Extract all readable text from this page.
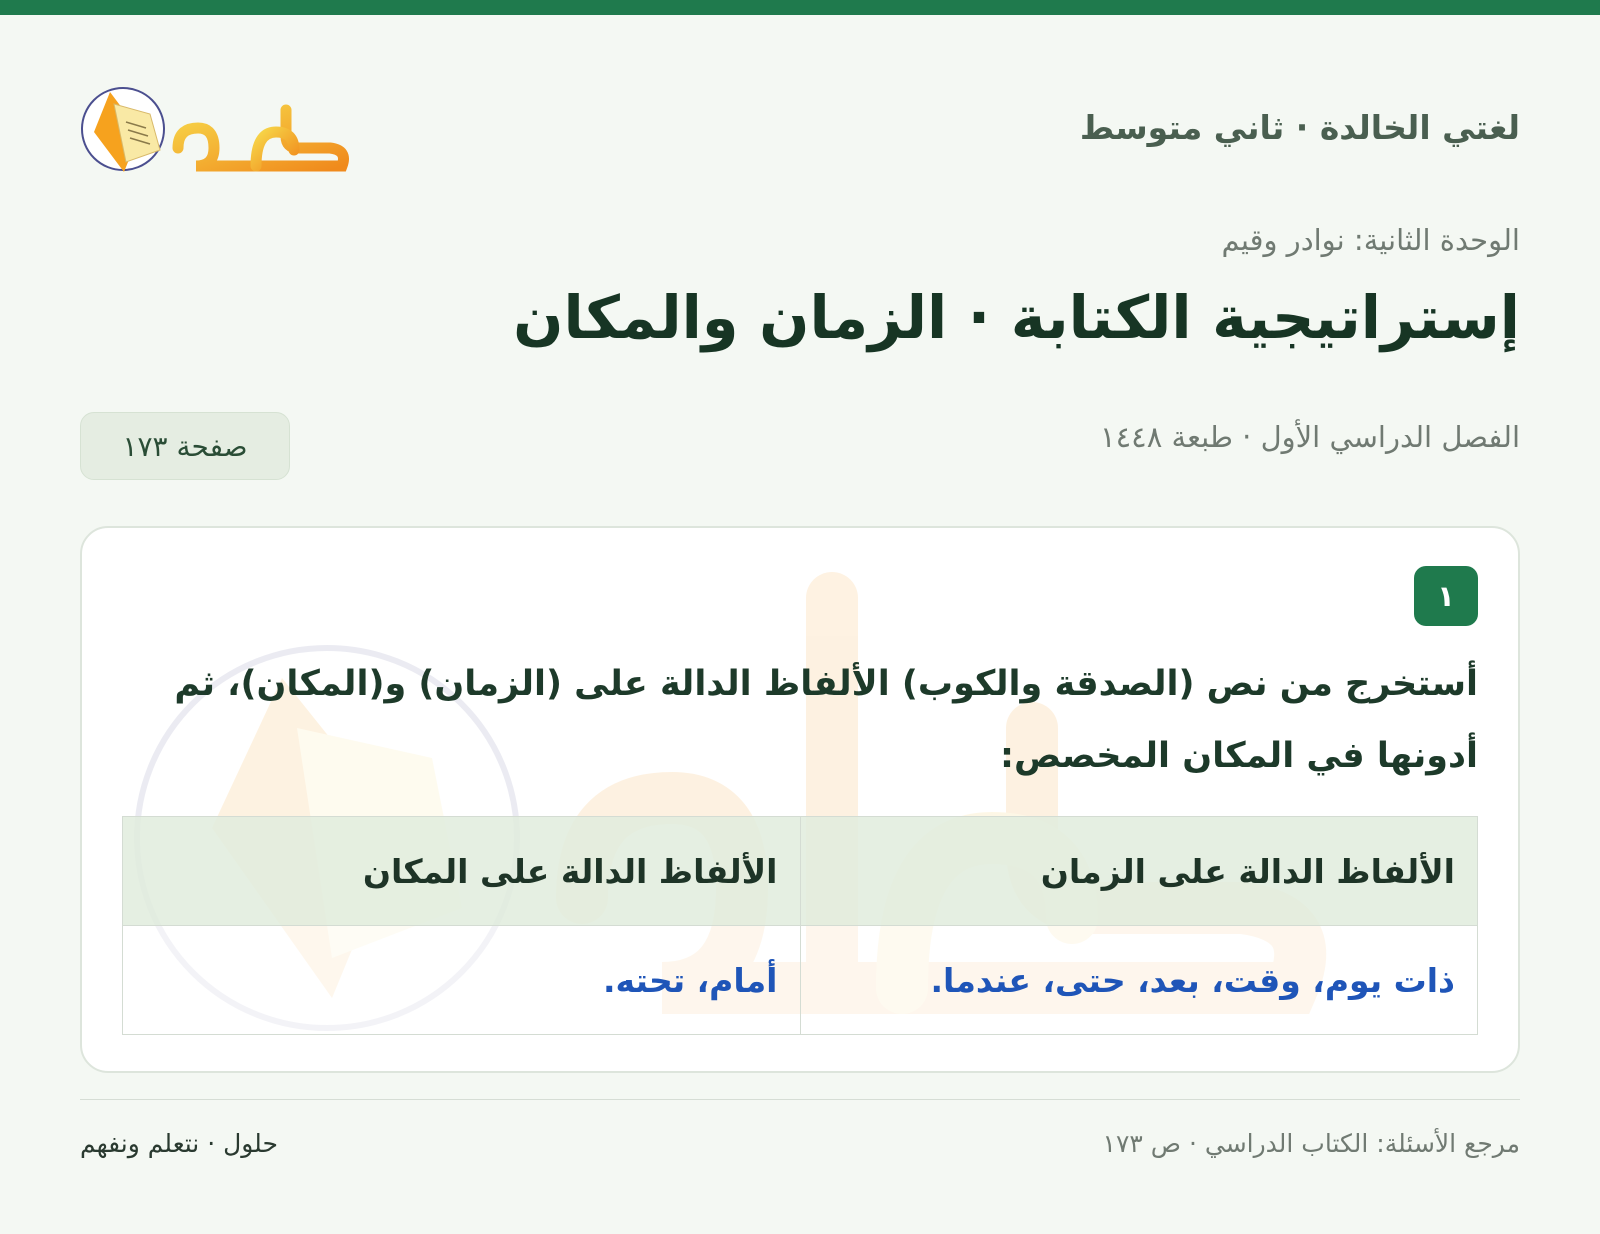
لغتي الخالدة · ثاني متوسط
الوحدة الثانية: نوادر وقيم
إستراتيجية الكتابة · الزمان والمكان
الفصل الدراسي الأول · طبعة ١٤٤٨
صفحة ١٧٣
١
أستخرج من نص (الصدقة والكوب) الألفاظ الدالة على (الزمان) و(المكان)، ثم أدونها في المكان المخصص:
الألفاظ الدالة على الزمان	الألفاظ الدالة على المكان
ذات يوم، وقت، بعد، حتى، عندما.	أمام، تحته.
مرجع الأسئلة: الكتاب الدراسي · ص ١٧٣
حلول · نتعلم ونفهم
